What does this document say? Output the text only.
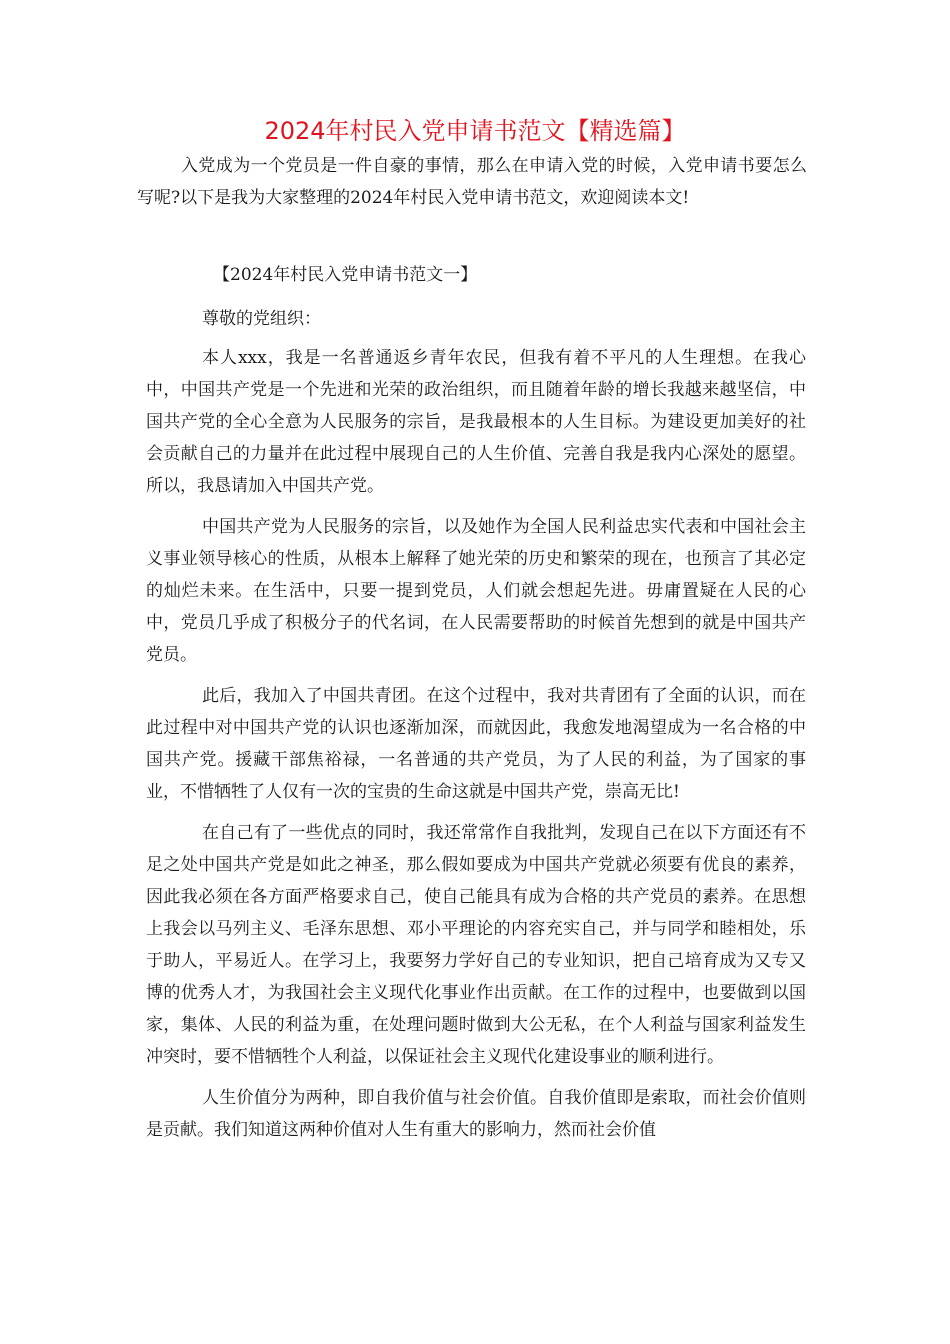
2024年村民入党申请书范文【精选篇】
入党成为一个党员是一件自豪的事情，那么在申请入党的时候，入党申请书要怎么写呢?以下是我为大家整理的2024年村民入党申请书范文，欢迎阅读本文!
【2024年村民入党申请书范文一】
尊敬的党组织：

本人xxx，我是一名普通返乡青年农民，但我有着不平凡的人生理想。在我心中，中国共产党是一个先进和光荣的政治组织，而且随着年龄的增长我越来越坚信，中国共产党的全心全意为人民服务的宗旨，是我最根本的人生目标。为建设更加美好的社会贡献自己的力量并在此过程中展现自己的人生价值、完善自我是我内心深处的愿望。所以，我恳请加入中国共产党。

中国共产党为人民服务的宗旨，以及她作为全国人民利益忠实代表和中国社会主义事业领导核心的性质，从根本上解释了她光荣的历史和繁荣的现在，也预言了其必定的灿烂未来。在生活中，只要一提到党员，人们就会想起先进。毋庸置疑在人民的心中，党员几乎成了积极分子的代名词，在人民需要帮助的时候首先想到的就是中国共产党员。

此后，我加入了中国共青团。在这个过程中，我对共青团有了全面的认识，而在此过程中对中国共产党的认识也逐渐加深，而就因此，我愈发地渴望成为一名合格的中国共产党。援藏干部焦裕禄，一名普通的共产党员，为了人民的利益，为了国家的事业，不惜牺牲了人仅有一次的宝贵的生命这就是中国共产党，崇高无比!

在自己有了一些优点的同时，我还常常作自我批判，发现自己在以下方面还有不足之处中国共产党是如此之神圣，那么假如要成为中国共产党就必须要有优良的素养，因此我必须在各方面严格要求自己，使自己能具有成为合格的共产党员的素养。在思想上我会以马列主义、毛泽东思想、邓小平理论的内容充实自己，并与同学和睦相处，乐于助人，平易近人。在学习上，我要努力学好自己的专业知识，把自己培育成为又专又博的优秀人才，为我国社会主义现代化事业作出贡献。在工作的过程中，也要做到以国家，集体、人民的利益为重，在处理问题时做到大公无私，在个人利益与国家利益发生冲突时，要不惜牺牲个人利益，以保证社会主义现代化建设事业的顺利进行。

人生价值分为两种，即自我价值与社会价值。自我价值即是索取，而社会价值则是贡献。我们知道这两种价值对人生有重大的影响力，然而社会价值
